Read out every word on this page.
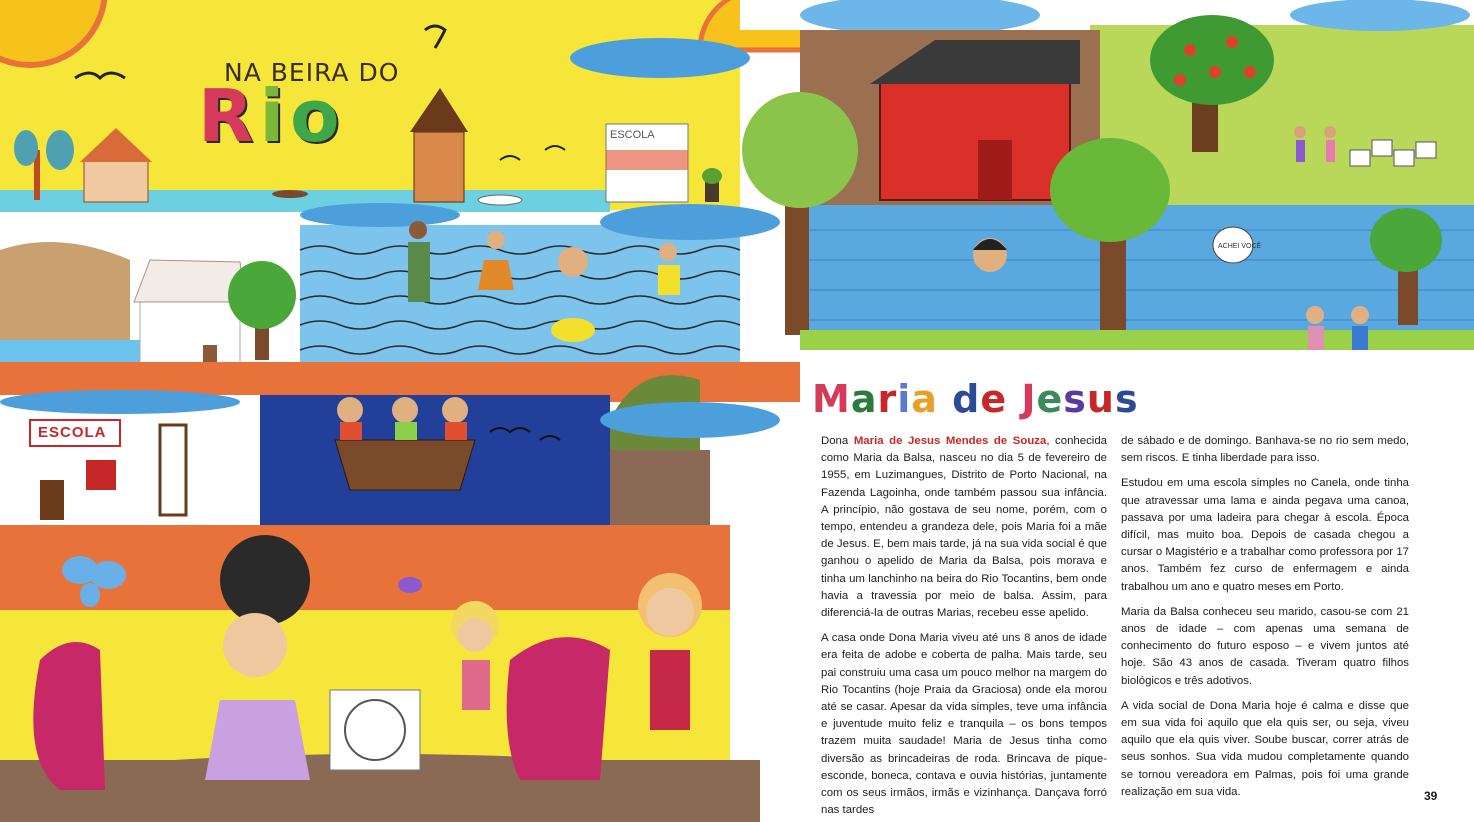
ESCOLA
ACHEI VOCÊ
NA BEIRA DO
Rio
ESCOLA
Maria de Jesus

Dona Maria de Jesus Mendes de Souza, conhecida como Maria da Balsa, nasceu no dia 5 de fevereiro de 1955, em Luzimangues, Distrito de Porto Nacional, na Fazenda Lagoinha, onde também passou sua infância. A princípio, não gostava de seu nome, porém, com o tempo, entendeu a grandeza dele, pois Maria foi a mãe de Jesus. E, bem mais tarde, já na sua vida social é que ganhou o apelido de Maria da Balsa, pois morava e tinha um lanchinho na beira do Rio Tocantins, bem onde havia a travessia por meio de balsa. Assim, para diferenciá-la de outras Marias, recebeu esse apelido.

A casa onde Dona Maria viveu até uns 8 anos de idade era feita de adobe e coberta de palha. Mais tarde, seu pai construiu uma casa um pouco melhor na margem do Rio Tocantins (hoje Praia da Graciosa) onde ela morou até se casar. Apesar da vida simples, teve uma infância e juventude muito feliz e tranquila – os bons tempos trazem muita saudade! Maria de Jesus tinha como diversão as brincadeiras de roda. Brincava de pique-esconde, boneca, contava e ouvia histórias, juntamente com os seus irmãos, irmãs e vizinhança. Dançava forró nas tardes

de sábado e de domingo. Banhava-se no rio sem medo, sem riscos. E tinha liberdade para isso.

Estudou em uma escola simples no Canela, onde tinha que atravessar uma lama e ainda pegava uma canoa, passava por uma ladeira para chegar à escola. Época difícil, mas muito boa. Depois de casada chegou a cursar o Magistério e a trabalhar como professora por 17 anos. Também fez curso de enfermagem e ainda trabalhou um ano e quatro meses em Porto.

Maria da Balsa conheceu seu marido, casou-se com 21 anos de idade – com apenas uma semana de conhecimento do futuro esposo – e vivem juntos até hoje. São 43 anos de casada. Tiveram quatro filhos biológicos e três adotivos.

A vida social de Dona Maria hoje é calma e disse que em sua vida foi aquilo que ela quis ser, ou seja, viveu aquilo que ela quis viver. Soube buscar, correr atrás de seus sonhos. Sua vida mudou completamente quando se tornou vereadora em Palmas, pois foi uma grande realização em sua vida.	39
